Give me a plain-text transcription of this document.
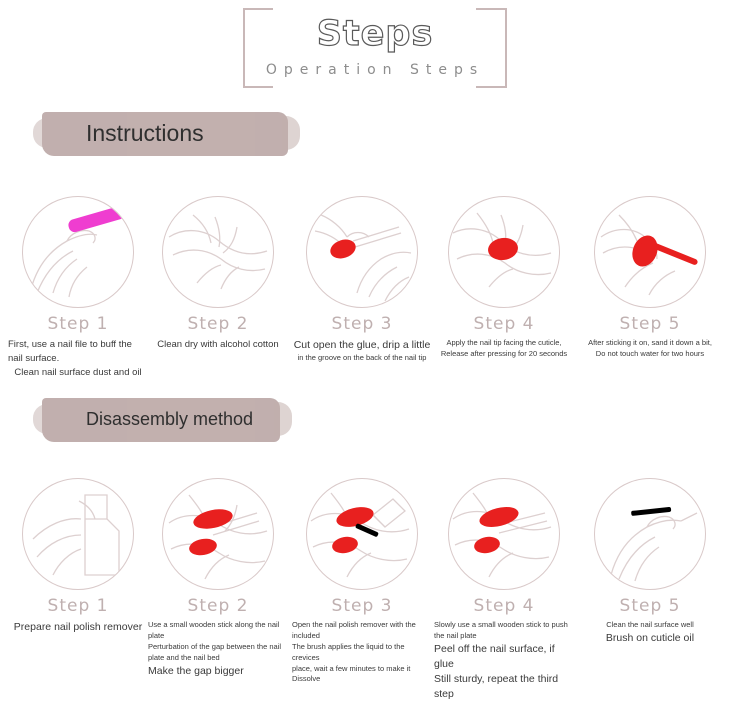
Steps
Operation Steps
Instructions
Step 1
First, use a nail file to buff the nail surface.
Clean nail surface dust and oil
Step 2
Clean dry with alcohol cotton
Step 3
Cut open the glue, drip a little
in the groove on the back of the nail tip
Step 4
Apply the nail tip facing the cuticle,
Release after pressing for 20 seconds
Step 5
After sticking it on, sand it down a bit,
Do not touch water for two hours
Disassembly method
Step 1
Prepare nail polish remover
Step 2
Use a small wooden stick along the nail plate
Perturbation of the gap between the nail plate and the nail bed
Make the gap bigger
Step 3
Open the nail polish remover with the included
The brush applies the liquid to the crevices
place, wait a few minutes to make it
Dissolve
Step 4
Slowly use a small wooden stick to push the nail plate
Peel off the nail surface, if glue
Still sturdy, repeat the third step
Step 5
Clean the nail surface well
Brush on cuticle oil
